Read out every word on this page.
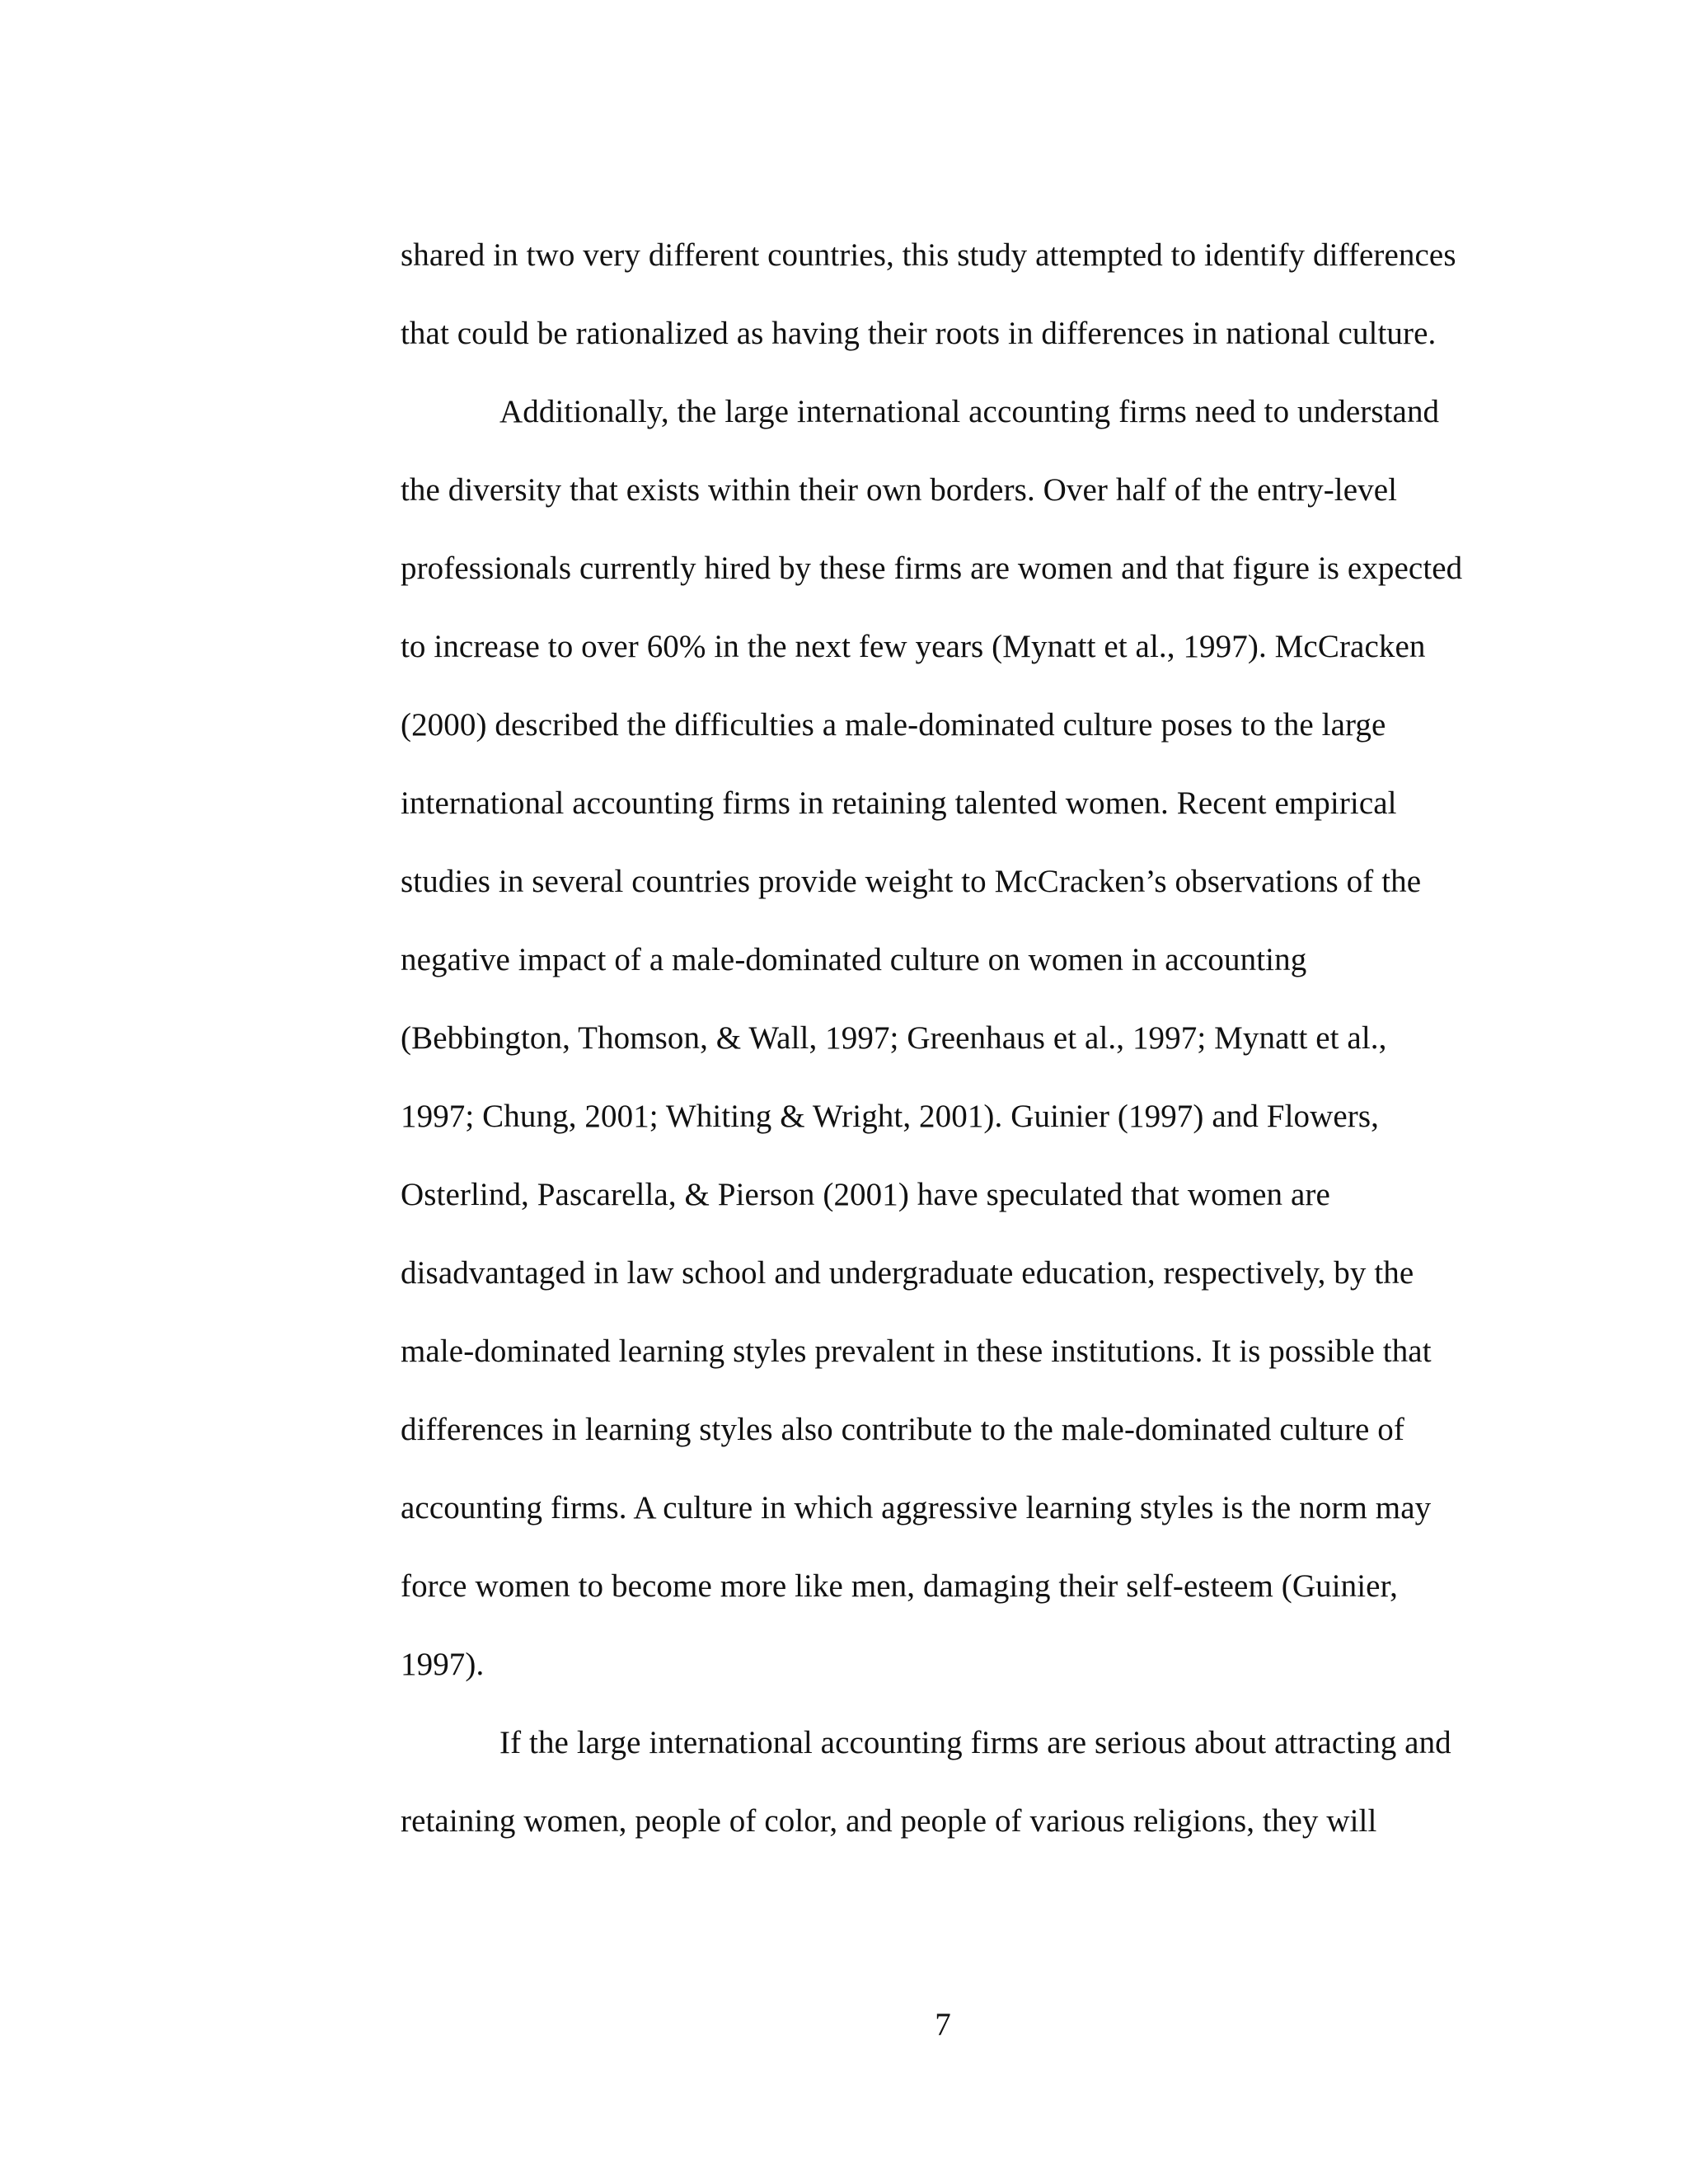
shared in two very different countries, this study attempted to identify differences
that could be rationalized as having their roots in differences in national culture.
Additionally, the large international accounting firms need to understand
the diversity that exists within their own borders. Over half of the entry-level
professionals currently hired by these firms are women and that figure is expected
to increase to over 60% in the next few years (Mynatt et al., 1997). McCracken
(2000) described the difficulties a male-dominated culture poses to the large
international accounting firms in retaining talented women. Recent empirical
studies in several countries provide weight to McCracken’s observations of the
negative impact of a male-dominated culture on women in accounting
(Bebbington, Thomson, & Wall, 1997; Greenhaus et al., 1997; Mynatt et al.,
1997; Chung, 2001; Whiting & Wright, 2001). Guinier (1997) and Flowers,
Osterlind, Pascarella, & Pierson (2001) have speculated that women are
disadvantaged in law school and undergraduate education, respectively, by the
male-dominated learning styles prevalent in these institutions. It is possible that
differences in learning styles also contribute to the male-dominated culture of
accounting firms. A culture in which aggressive learning styles is the norm may
force women to become more like men, damaging their self-esteem (Guinier,
1997).
If the large international accounting firms are serious about attracting and
retaining women, people of color, and people of various religions, they will
7
